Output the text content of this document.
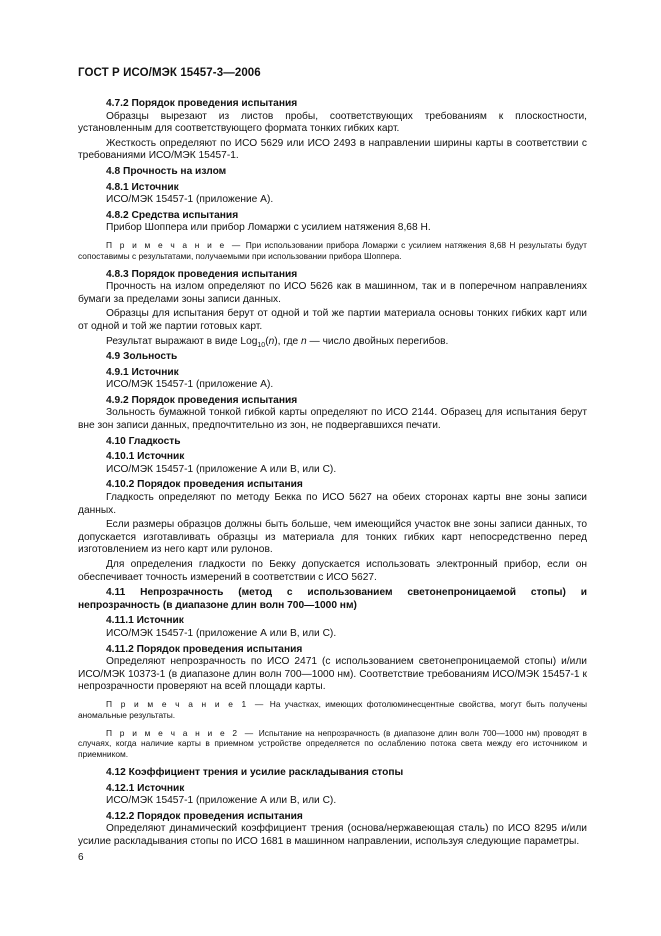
ГОСТ Р ИСО/МЭК 15457-3—2006

4.7.2 Порядок проведения испытания

Образцы вырезают из листов пробы, соответствующих требованиям к плоскостности, установленным для соответствующего формата тонких гибких карт.

Жесткость определяют по ИСО 5629 или ИСО 2493 в направлении ширины карты в соответствии с требованиями ИСО/МЭК 15457-1.

4.8 Прочность на излом

4.8.1 Источник

ИСО/МЭК 15457-1 (приложение А).

4.8.2 Средства испытания

Прибор Шоппера или прибор Ломаржи с усилием натяжения 8,68 Н.

П р и м е ч а н и е — При использовании прибора Ломаржи с усилием натяжения 8,68 Н результаты будут сопоставимы с результатами, получаемыми при использовании прибора Шоппера.

4.8.3 Порядок проведения испытания

Прочность на излом определяют по ИСО 5626 как в машинном, так и в поперечном направлениях бумаги за пределами зоны записи данных.

Образцы для испытания берут от одной и той же партии материала основы тонких гибких карт или от одной и той же партии готовых карт.

Результат выражают в виде Log$_{10}$(n), где n — число двойных перегибов.

4.9 Зольность

4.9.1 Источник

ИСО/МЭК 15457-1 (приложение А).

4.9.2 Порядок проведения испытания

Зольность бумажной тонкой гибкой карты определяют по ИСО 2144. Образец для испытания берут вне зон записи данных, предпочтительно из зон, не подвергавшихся печати.

4.10 Гладкость

4.10.1 Источник

ИСО/МЭК 15457-1 (приложение А или В, или С).

4.10.2 Порядок проведения испытания

Гладкость определяют по методу Бекка по ИСО 5627 на обеих сторонах карты вне зоны записи данных.

Если размеры образцов должны быть больше, чем имеющийся участок вне зоны записи данных, то допускается изготавливать образцы из материала для тонких гибких карт непосредственно перед изготовлением из него карт или рулонов.

Для определения гладкости по Бекку допускается использовать электронный прибор, если он обеспечивает точность измерений в соответствии с ИСО 5627.

4.11 Непрозрачность (метод с использованием светонепроницаемой стопы) и непрозрачность (в диапазоне длин волн 700—1000 нм)

4.11.1 Источник

ИСО/МЭК 15457-1 (приложение А или В, или С).

4.11.2 Порядок проведения испытания

Определяют непрозрачность по ИСО 2471 (с использованием светонепроницаемой стопы) и/или ИСО/МЭК 10373-1 (в диапазоне длин волн 700—1000 нм). Соответствие требованиям ИСО/МЭК 15457-1 к непрозрачности проверяют на всей площади карты.

П р и м е ч а н и е 1 — На участках, имеющих фотолюминесцентные свойства, могут быть получены аномальные результаты.

П р и м е ч а н и е 2 — Испытание на непрозрачность (в диапазоне длин волн 700—1000 нм) проводят в случаях, когда наличие карты в приемном устройстве определяется по ослаблению потока света между его источником и приемником.

4.12 Коэффициент трения и усилие раскладывания стопы

4.12.1 Источник

ИСО/МЭК 15457-1 (приложение А или В, или С).

4.12.2 Порядок проведения испытания

Определяют динамический коэффициент трения (основа/нержавеющая сталь) по ИСО 8295 и/или усилие раскладывания стопы по ИСО 1681 в машинном направлении, используя следующие параметры.

6
